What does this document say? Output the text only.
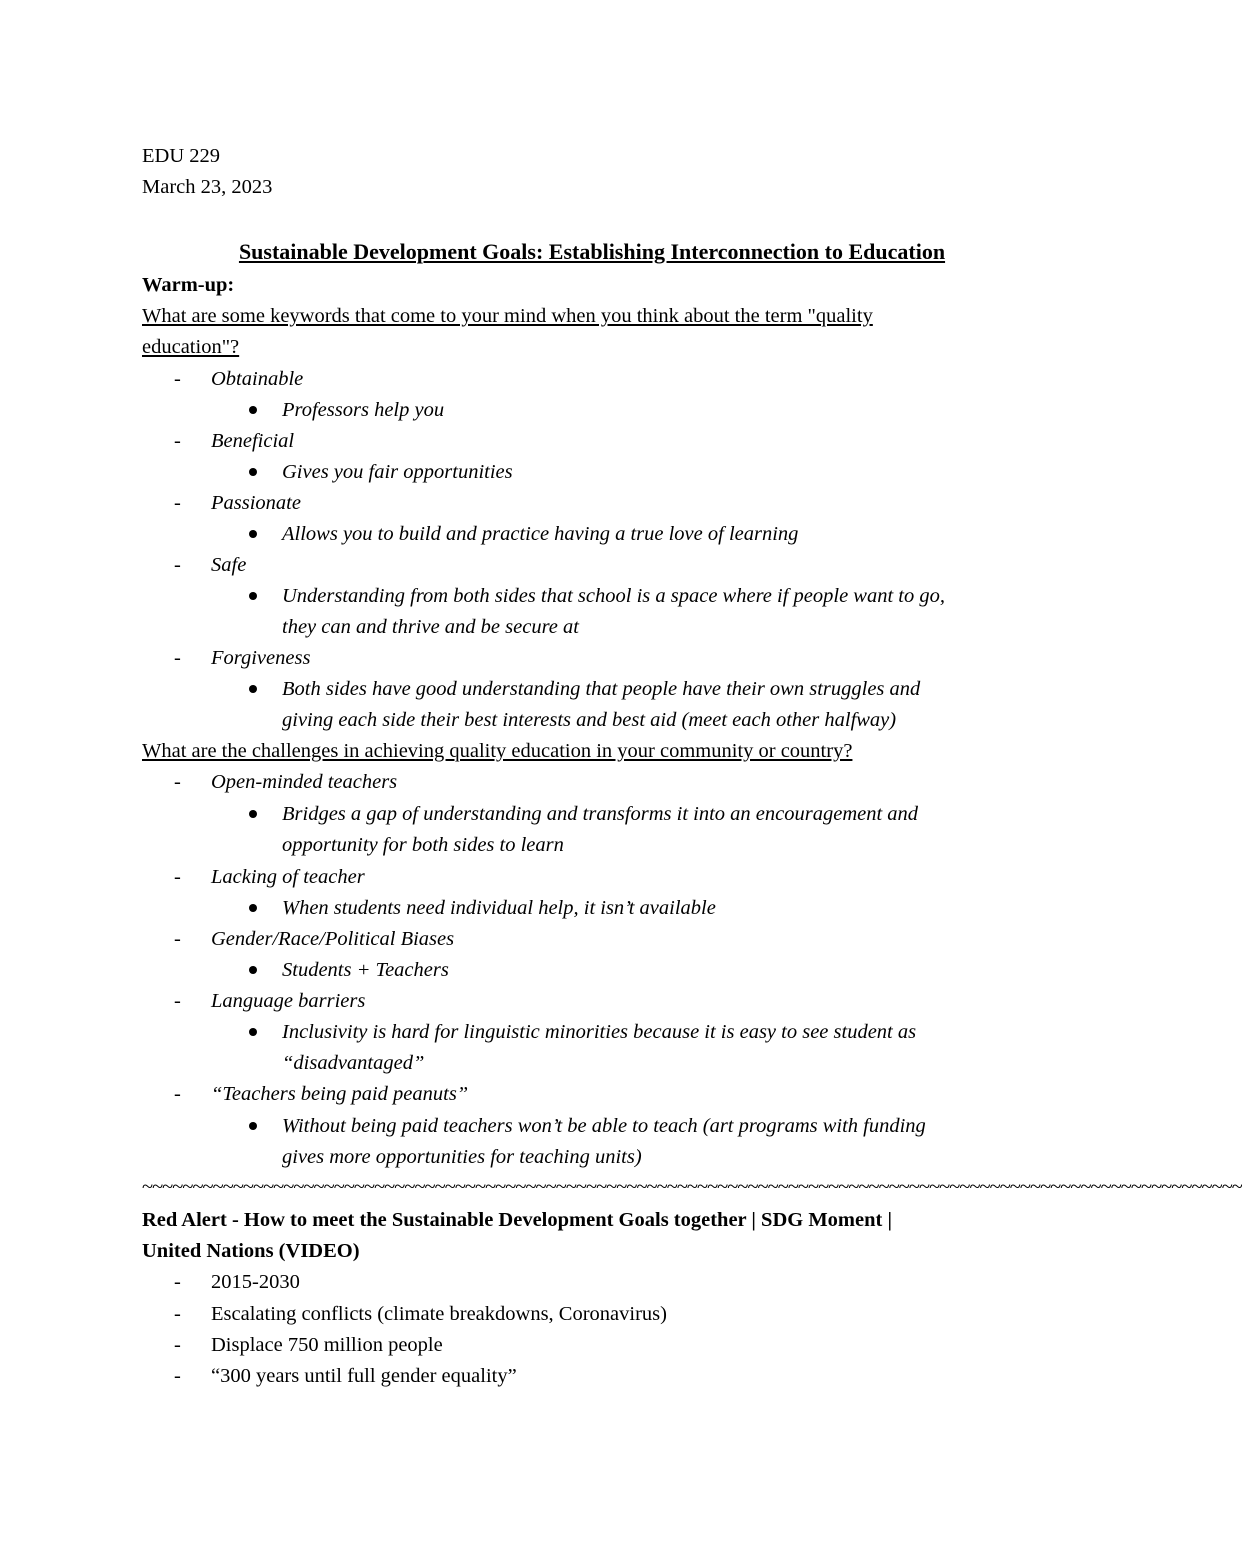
EDU 229
March 23, 2023
Sustainable Development Goals: Establishing Interconnection to Education
Warm-up:
What are some keywords that come to your mind when you think about the term "quality
education"?
- Obtainable
Professors help you
- Beneficial
Gives you fair opportunities
- Passionate
Allows you to build and practice having a true love of learning
- Safe
Understanding from both sides that school is a space where if people want to go,
they can and thrive and be secure at
- Forgiveness
Both sides have good understanding that people have their own struggles and
giving each side their best interests and best aid (meet each other halfway)
What are the challenges in achieving quality education in your community or country?
- Open-minded teachers
Bridges a gap of understanding and transforms it into an encouragement and
opportunity for both sides to learn
- Lacking of teacher
When students need individual help, it isn’t available
- Gender/Race/Political Biases
Students + Teachers
- Language barriers
Inclusivity is hard for linguistic minorities because it is easy to see student as
“disadvantaged”
- “Teachers being paid peanuts”
Without being paid teachers won’t be able to teach (art programs with funding
gives more opportunities for teaching units)
~~~~~~~~~~~~~~~~~~~~~~~~~~~~~~~~~~~~~~~~~~~~~~~~~~~~~~~~~~~~~~~~~~~~~~~~~~~~~~~~~~~~~~~~~~~~~~~~~~~~~~~~~~~~~
Red Alert - How to meet the Sustainable Development Goals together | SDG Moment |
United Nations (VIDEO)
- 2015-2030
- Escalating conflicts (climate breakdowns, Coronavirus)
- Displace 750 million people
- “300 years until full gender equality”
